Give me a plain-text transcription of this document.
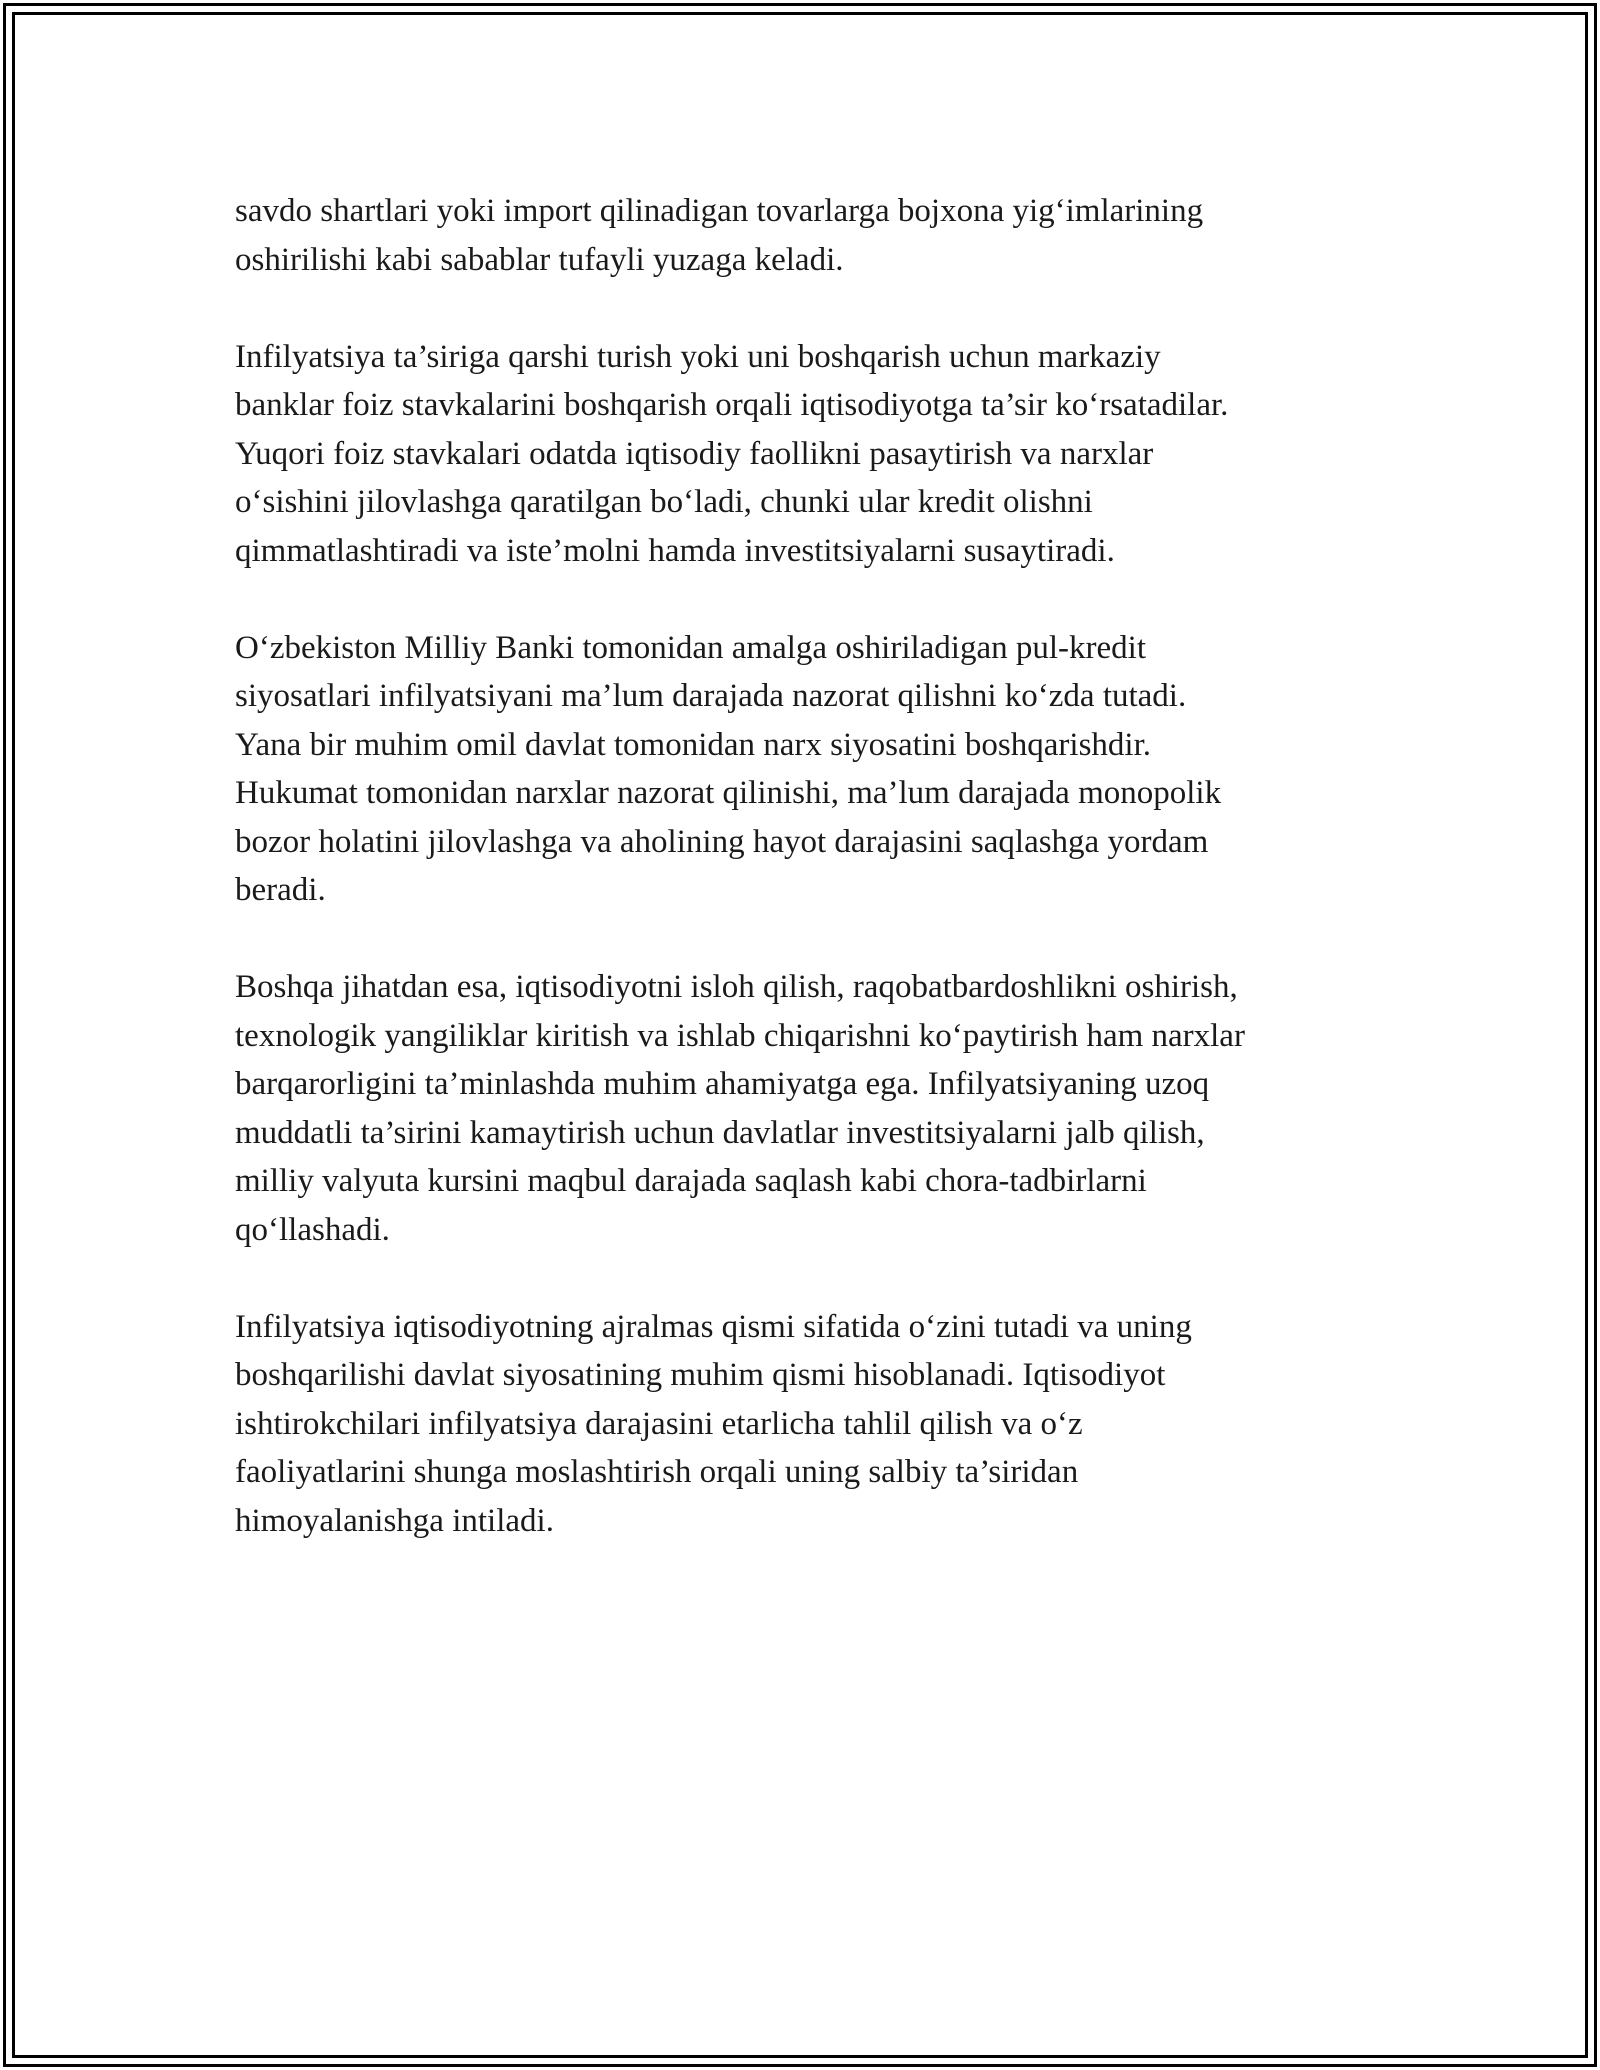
savdo shartlari yoki import qilinadigan tovarlarga bojxona yig‘imlarining
oshirilishi kabi sabablar tufayli yuzaga keladi.

Infilyatsiya ta’siriga qarshi turish yoki uni boshqarish uchun markaziy
banklar foiz stavkalarini boshqarish orqali iqtisodiyotga ta’sir ko‘rsatadilar.
Yuqori foiz stavkalari odatda iqtisodiy faollikni pasaytirish va narxlar
o‘sishini jilovlashga qaratilgan bo‘ladi, chunki ular kredit olishni
qimmatlashtiradi va iste’molni hamda investitsiyalarni susaytiradi.

O‘zbekiston Milliy Banki tomonidan amalga oshiriladigan pul-kredit
siyosatlari infilyatsiyani ma’lum darajada nazorat qilishni ko‘zda tutadi.
Yana bir muhim omil davlat tomonidan narx siyosatini boshqarishdir.
Hukumat tomonidan narxlar nazorat qilinishi, ma’lum darajada monopolik
bozor holatini jilovlashga va aholining hayot darajasini saqlashga yordam
beradi.

Boshqa jihatdan esa, iqtisodiyotni isloh qilish, raqobatbardoshlikni oshirish,
texnologik yangiliklar kiritish va ishlab chiqarishni ko‘paytirish ham narxlar
barqarorligini ta’minlashda muhim ahamiyatga ega. Infilyatsiyaning uzoq
muddatli ta’sirini kamaytirish uchun davlatlar investitsiyalarni jalb qilish,
milliy valyuta kursini maqbul darajada saqlash kabi chora-tadbirlarni
qo‘llashadi.

Infilyatsiya iqtisodiyotning ajralmas qismi sifatida o‘zini tutadi va uning
boshqarilishi davlat siyosatining muhim qismi hisoblanadi. Iqtisodiyot
ishtirokchilari infilyatsiya darajasini etarlicha tahlil qilish va o‘z
faoliyatlarini shunga moslashtirish orqali uning salbiy ta’siridan
himoyalanishga intiladi.
